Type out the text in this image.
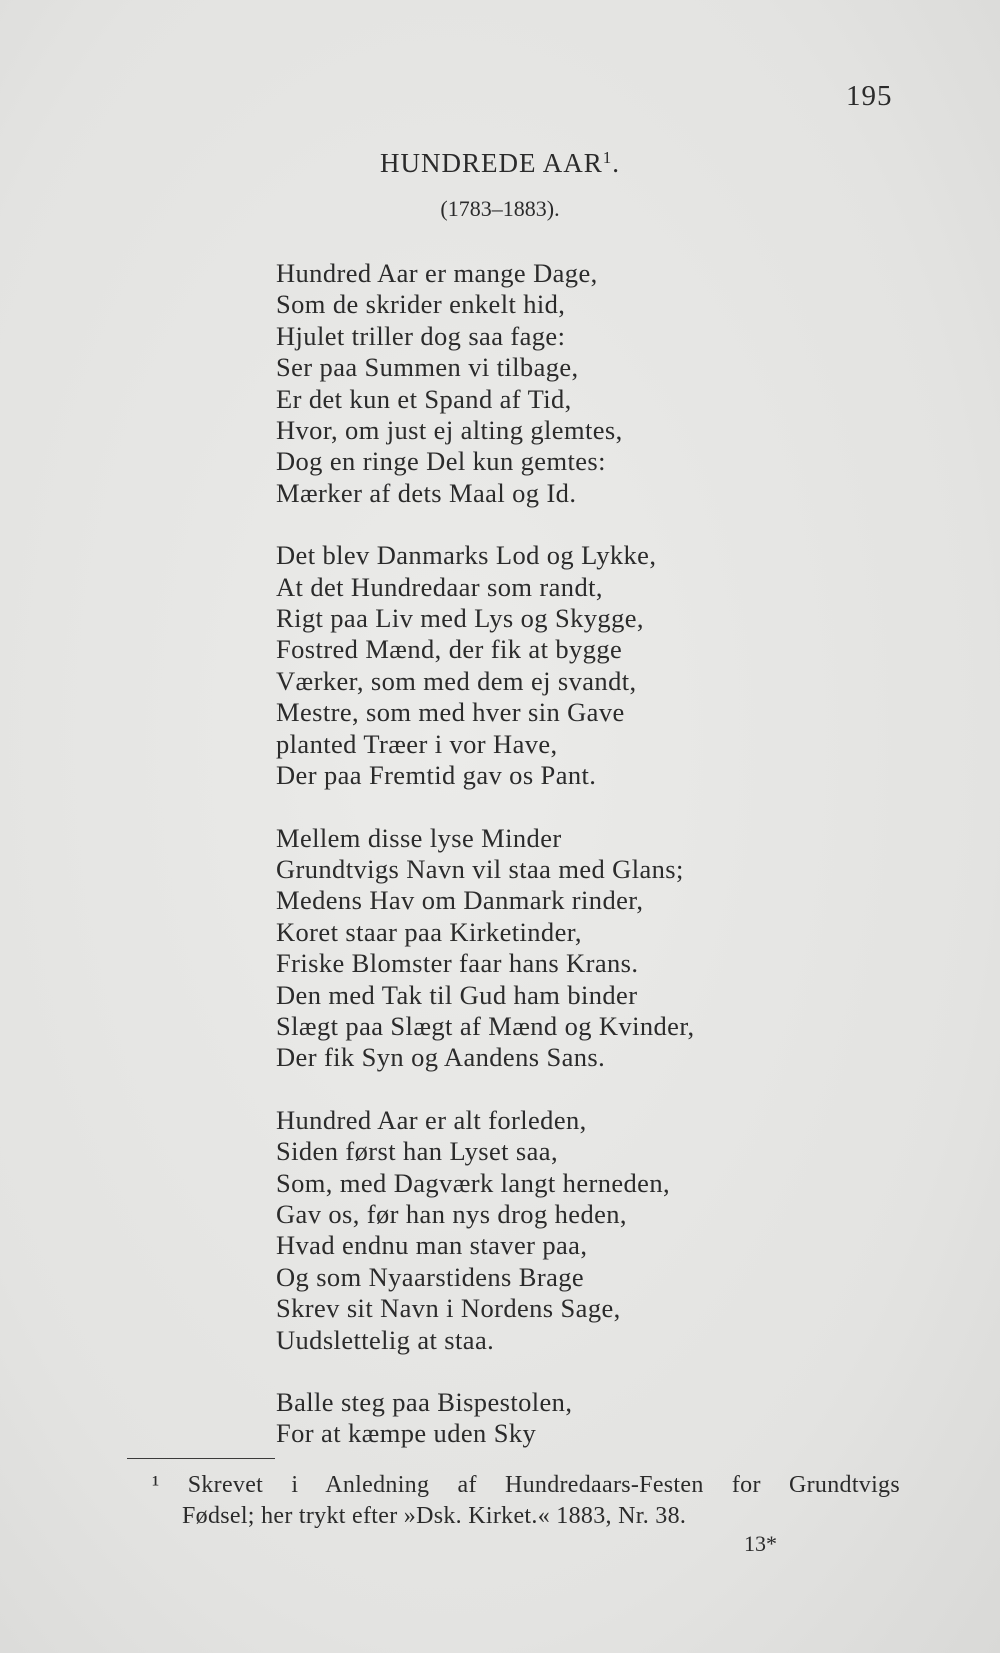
195
HUNDREDE AAR$^1$.
(1783–1883).
Hundred Aar er mange Dage,
Som de skrider enkelt hid,
Hjulet triller dog saa fage:
Ser paa Summen vi tilbage,
Er det kun et Spand af Tid,
Hvor, om just ej alting glemtes,
Dog en ringe Del kun gemtes:
Mærker af dets Maal og Id.
Det blev Danmarks Lod og Lykke,
At det Hundredaar som randt,
Rigt paa Liv med Lys og Skygge,
Fostred Mænd, der fik at bygge
Værker, som med dem ej svandt,
Mestre, som med hver sin Gave
planted Træer i vor Have,
Der paa Fremtid gav os Pant.
Mellem disse lyse Minder
Grundtvigs Navn vil staa med Glans;
Medens Hav om Danmark rinder,
Koret staar paa Kirketinder,
Friske Blomster faar hans Krans.
Den med Tak til Gud ham binder
Slægt paa Slægt af Mænd og Kvinder,
Der fik Syn og Aandens Sans.
Hundred Aar er alt forleden,
Siden først han Lyset saa,
Som, med Dagværk langt herneden,
Gav os, før han nys drog heden,
Hvad endnu man staver paa,
Og som Nyaarstidens Brage
Skrev sit Navn i Nordens Sage,
Uudslettelig at staa.
Balle steg paa Bispestolen,
For at kæmpe uden Sky
¹ Skrevet i Anledning af Hundredaars-Festen for Grundtvigs
Fødsel; her trykt efter »Dsk. Kirket.« 1883, Nr. 38.
13*
